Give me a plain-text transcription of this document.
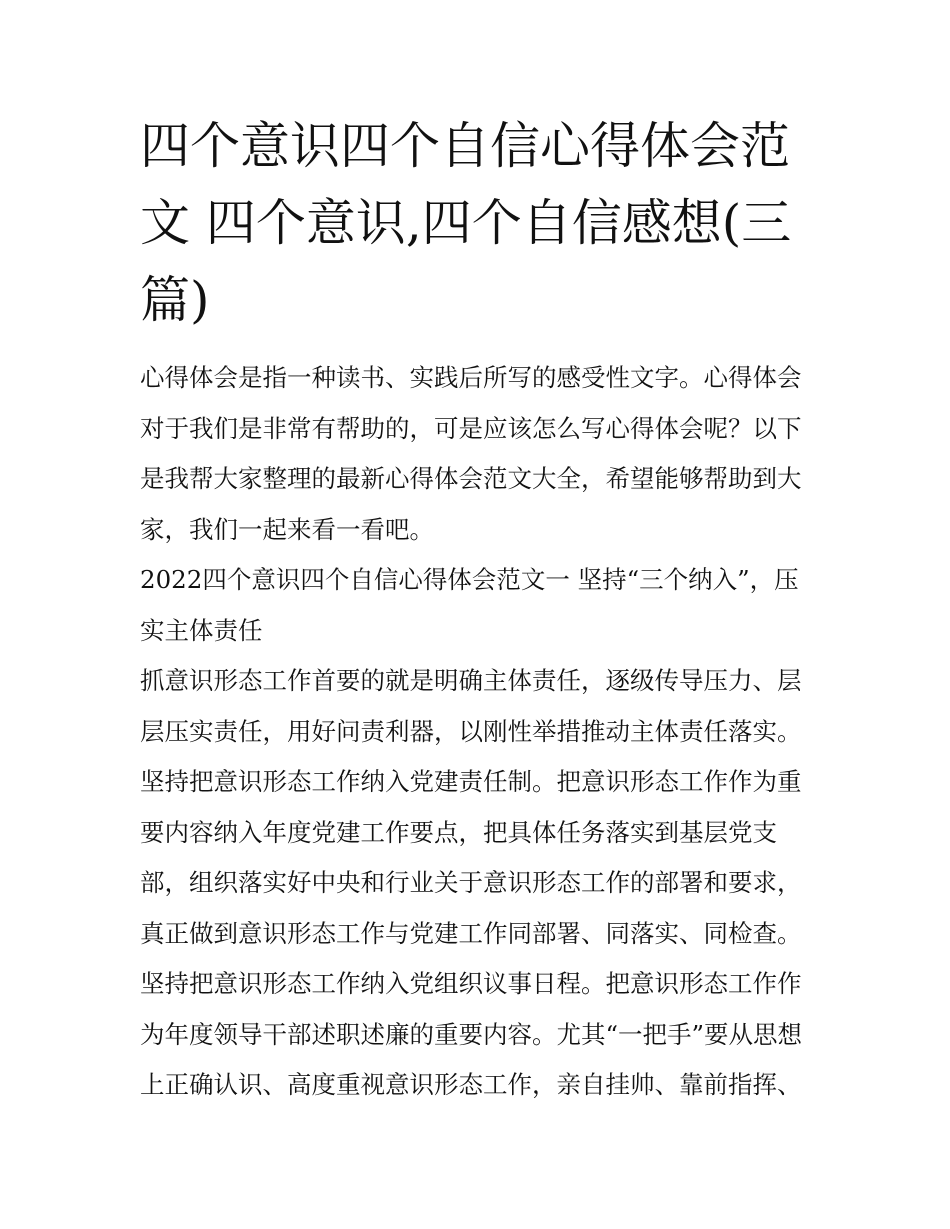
四个意识四个自信心得体会范文 四个意识,四个自信感想(三篇)

心得体会是指一种读书、实践后所写的感受性文字。心得体会对于我们是非常有帮助的，可是应该怎么写心得体会呢？以下是我帮大家整理的最新心得体会范文大全，希望能够帮助到大家，我们一起来看一看吧。

2022四个意识四个自信心得体会范文一 坚持“三个纳入”，压实主体责任

抓意识形态工作首要的就是明确主体责任，逐级传导压力、层层压实责任，用好问责利器，以刚性举措推动主体责任落实。

坚持把意识形态工作纳入党建责任制。把意识形态工作作为重要内容纳入年度党建工作要点，把具体任务落实到基层党支部，组织落实好中央和行业关于意识形态工作的部署和要求，真正做到意识形态工作与党建工作同部署、同落实、同检查。

坚持把意识形态工作纳入党组织议事日程。把意识形态工作作为年度领导干部述职述廉的重要内容。尤其“一把手”要从思想上正确认识、高度重视意识形态工作，亲自挂帅、靠前指挥、
